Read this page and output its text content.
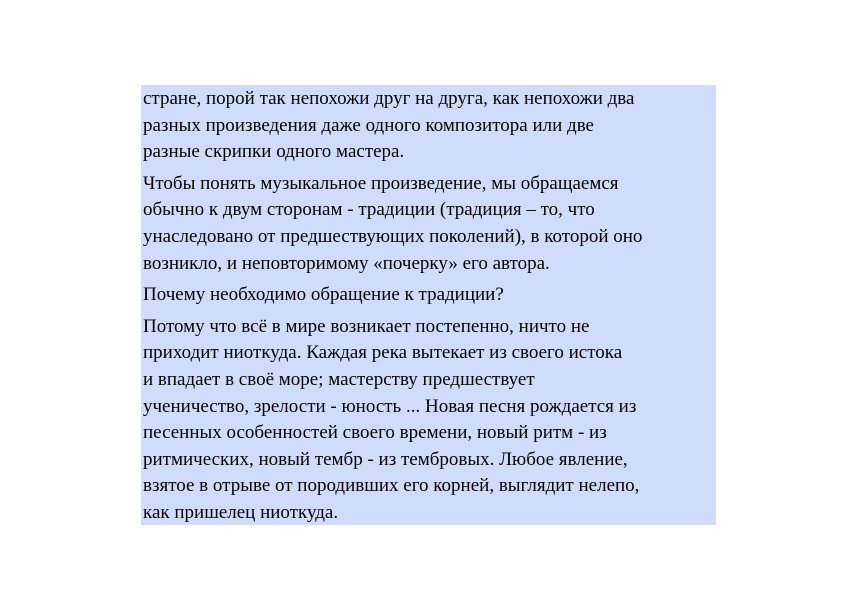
стране, порой так непохожи друг на друга, как непохожи два
разных произведения даже одного композитора или две
разные скрипки одного мастера.

Чтобы понять музыкальное произведение, мы обращаемся
обычно к двум сторонам - традиции (традиция – то, что
унаследовано от предшествующих поколений), в которой оно
возникло, и неповторимому «почерку» его автора.

Почему необходимо обращение к традиции?

Потому что всё в мире возникает постепенно, ничто не
приходит ниоткуда. Каждая река вытекает из своего истока
и впадает в своё море; мастерству предшествует
ученичество, зрелости - юность ... Новая песня рождается из
песенных особенностей своего времени, новый ритм - из
ритмических, новый тембр - из тембровых. Любое явление,
взятое в отрыве от породивших его корней, выглядит нелепо,
как пришелец ниоткуда.
